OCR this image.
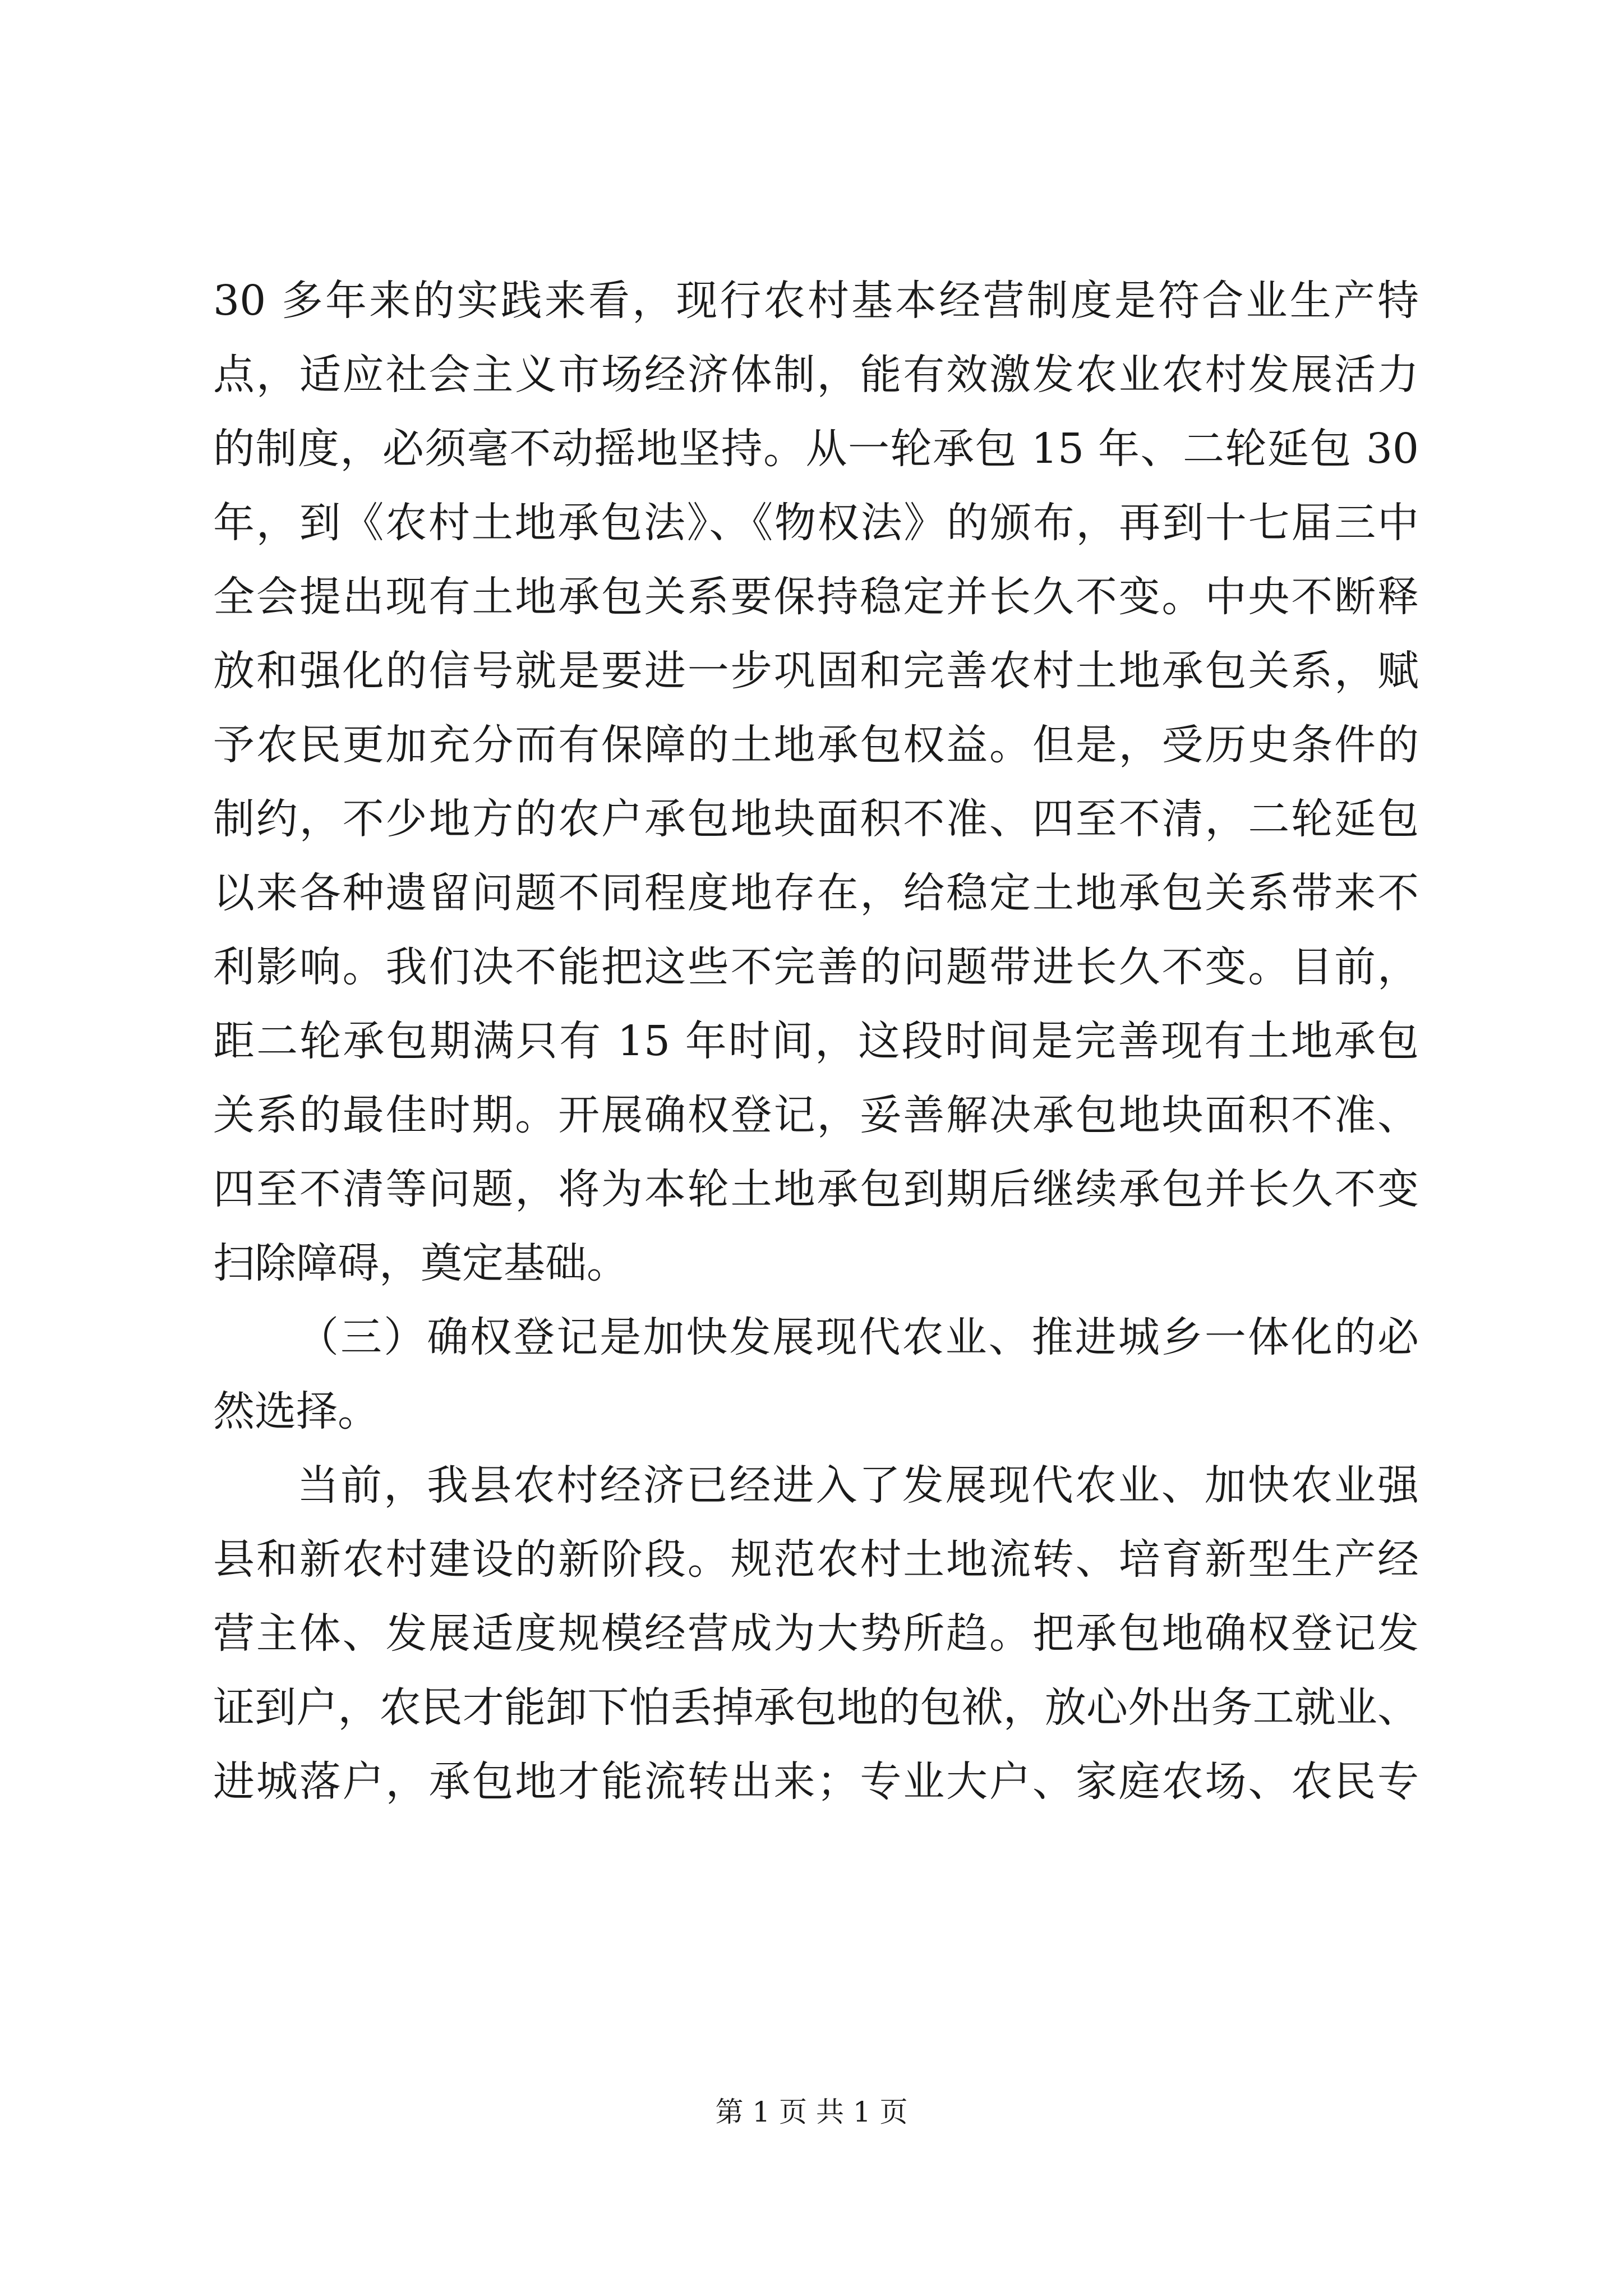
30 多年来的实践来看，现行农村基本经营制度是符合业生产特
点，适应社会主义市场经济体制，能有效激发农业农村发展活力
的制度，必须毫不动摇地坚持。从一轮承包 15 年、二轮延包 30
年，到《农村土地承包法》、《物权法》的颁布，再到十七届三中
全会提出现有土地承包关系要保持稳定并长久不变。中央不断释
放和强化的信号就是要进一步巩固和完善农村土地承包关系，赋
予农民更加充分而有保障的土地承包权益。但是，受历史条件的
制约，不少地方的农户承包地块面积不准、四至不清，二轮延包
以来各种遗留问题不同程度地存在，给稳定土地承包关系带来不
利影响。我们决不能把这些不完善的问题带进长久不变。目前，
距二轮承包期满只有 15 年时间，这段时间是完善现有土地承包
关系的最佳时期。开展确权登记，妥善解决承包地块面积不准、
四至不清等问题，将为本轮土地承包到期后继续承包并长久不变
扫除障碍，奠定基础。
（三）确权登记是加快发展现代农业、推进城乡一体化的必
然选择。
当前，我县农村经济已经进入了发展现代农业、加快农业强
县和新农村建设的新阶段。规范农村土地流转、培育新型生产经
营主体、发展适度规模经营成为大势所趋。把承包地确权登记发
证到户，农民才能卸下怕丢掉承包地的包袱，放心外出务工就业、
进城落户，承包地才能流转出来；专业大户、家庭农场、农民专
第 1 页 共 1 页
